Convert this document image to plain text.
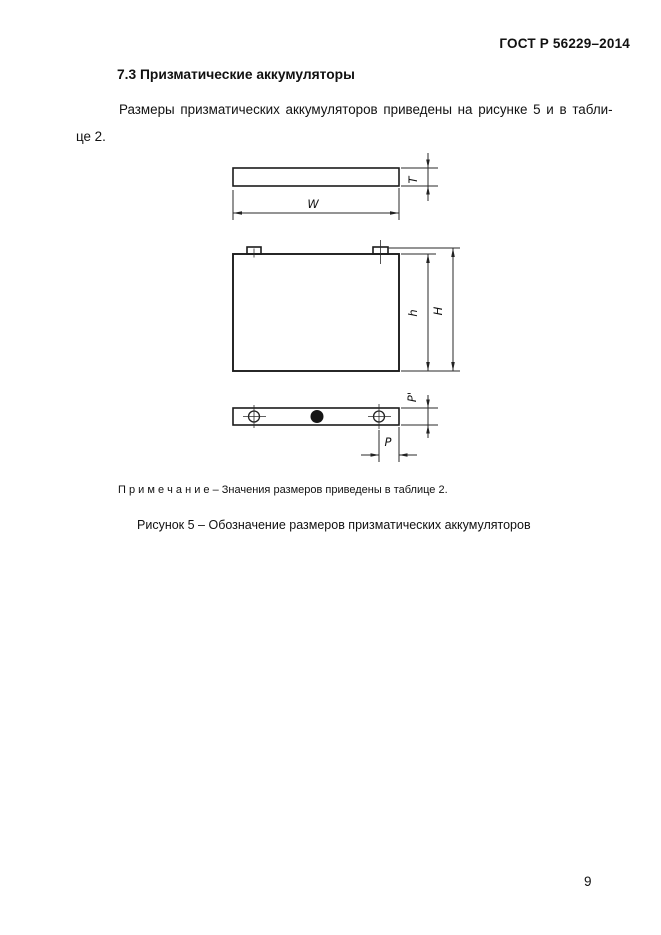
ГОСТ Р 56229–2014
7.3 Призматические аккумуляторы
Размеры призматических аккумуляторов приведены на рисунке 5 и в табли-
це 2.
T
W
h H
P'
P
П р и м е ч а н и е – Значения размеров приведены в таблице 2.
Рисунок 5 – Обозначение размеров призматических аккумуляторов
9
